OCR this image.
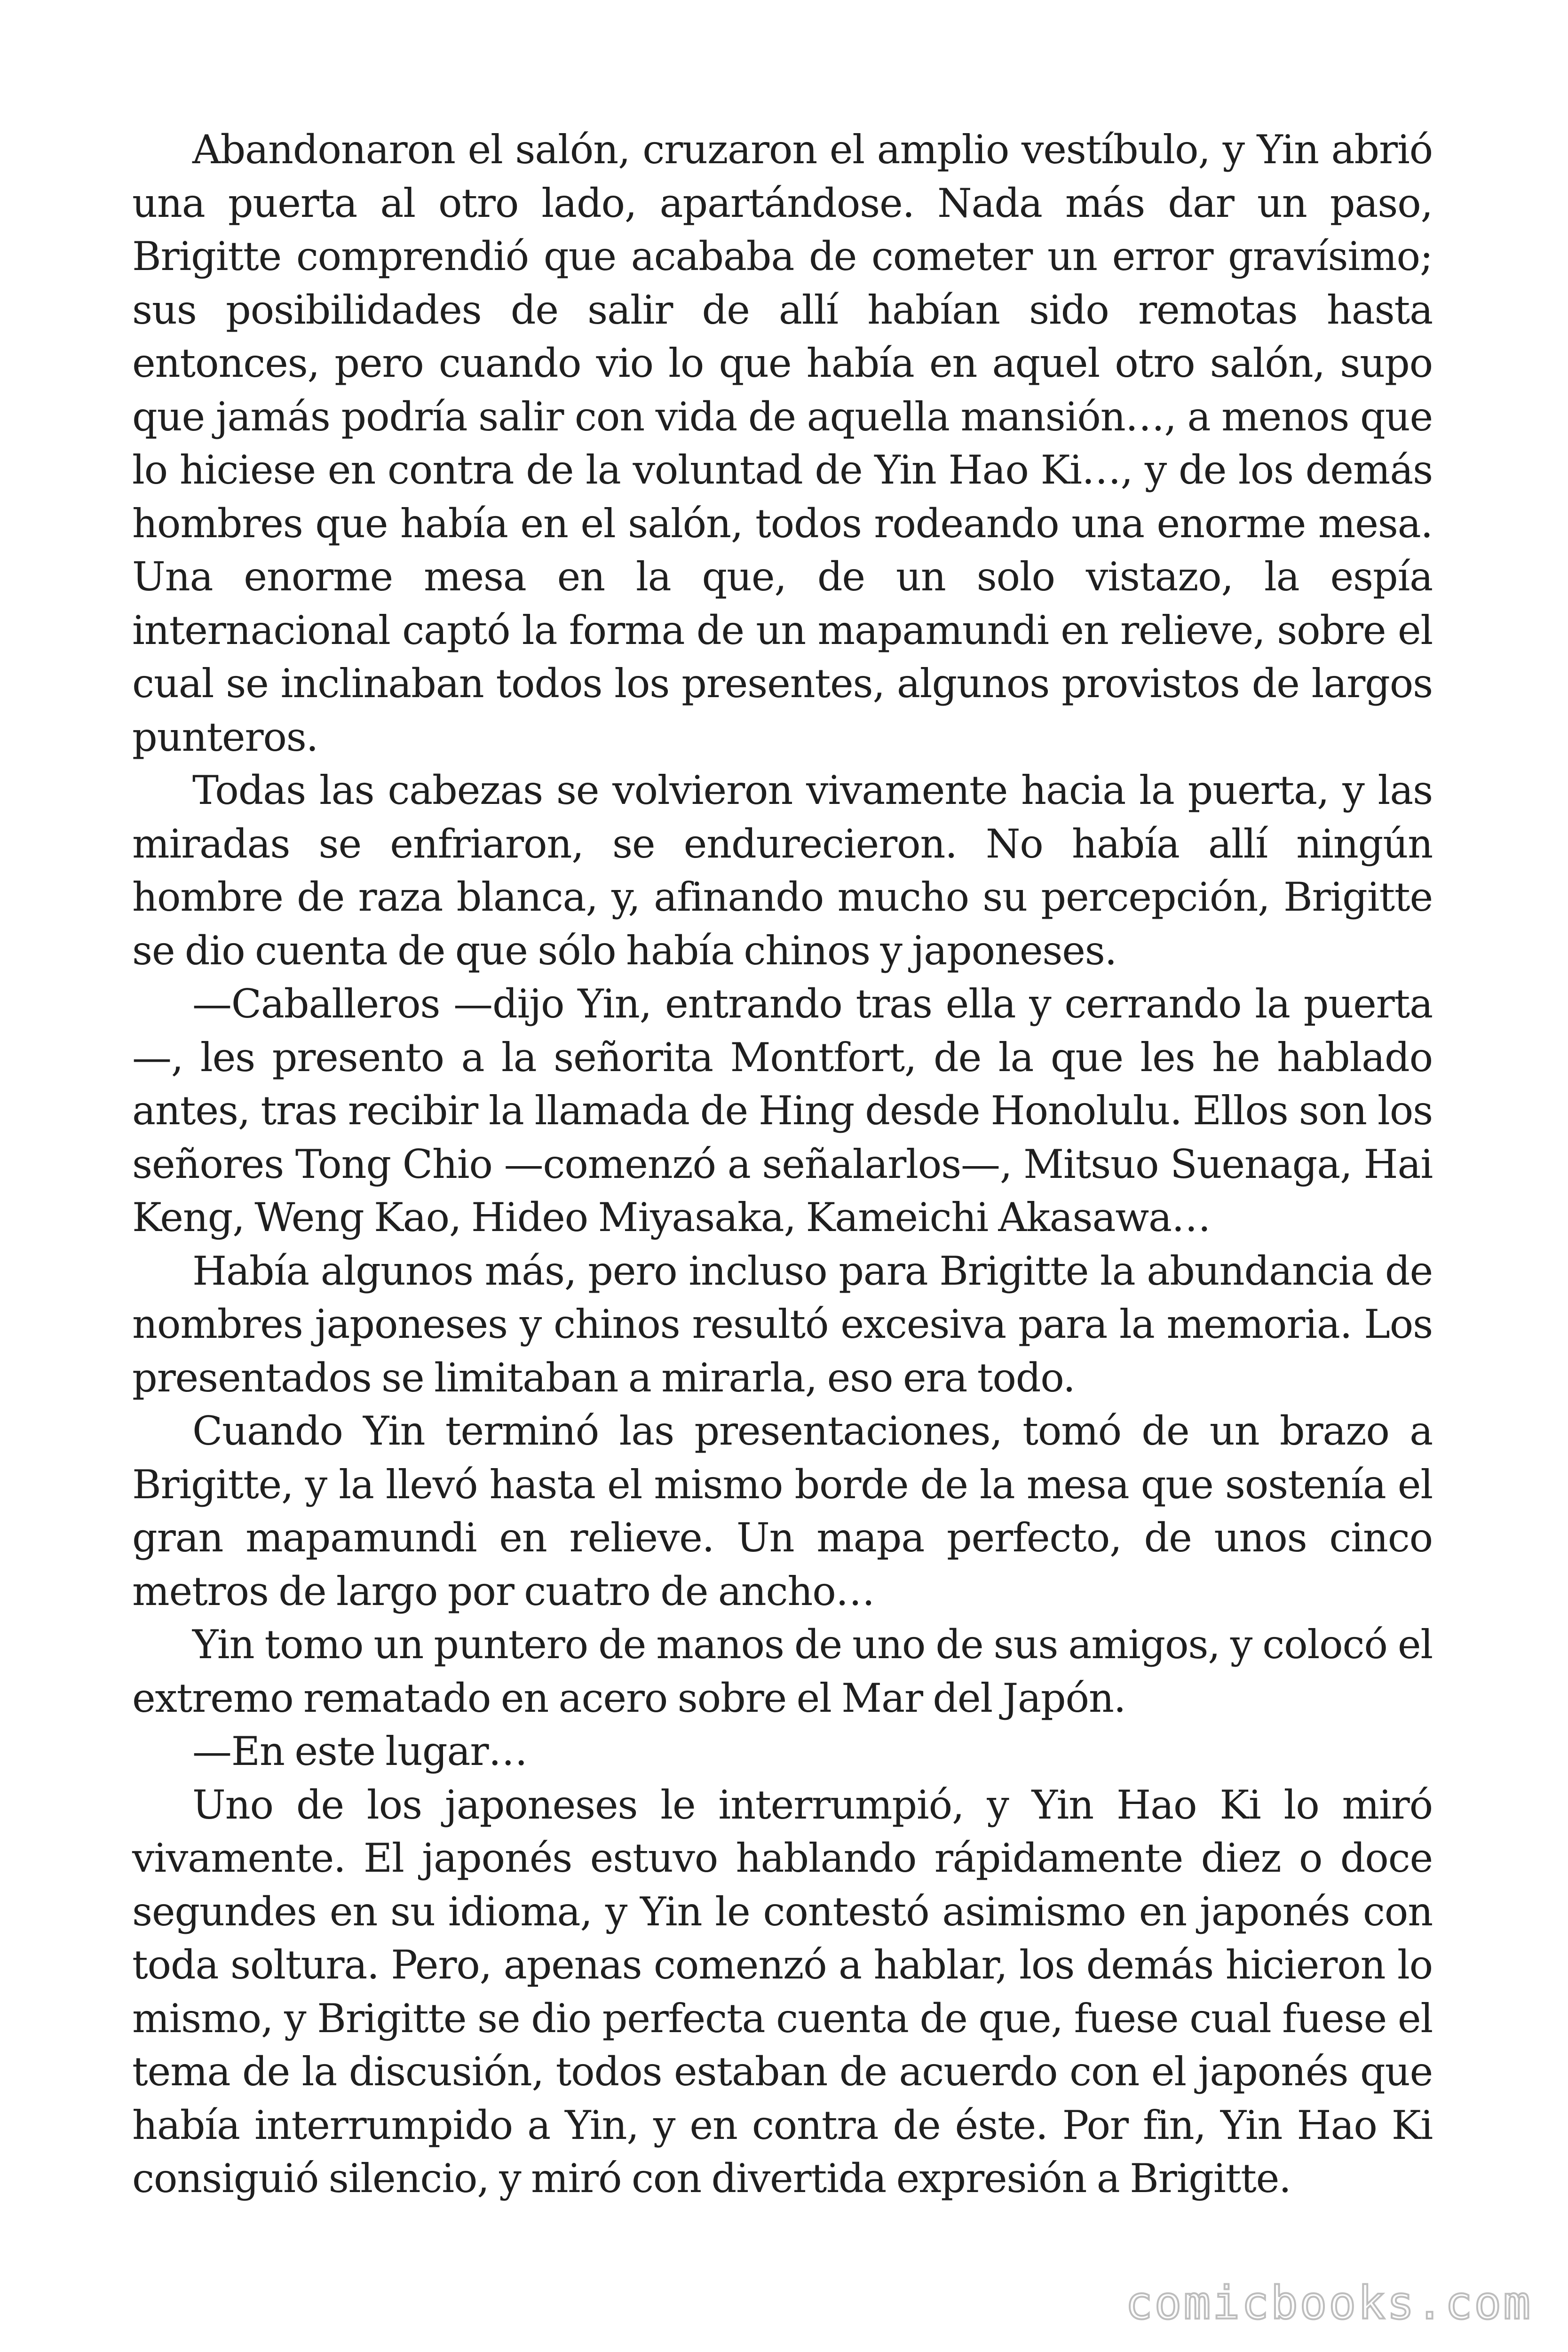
Abandonaron el salón, cruzaron el amplio vestíbulo, y Yin abrió una puerta al otro lado, apartándose. Nada más dar un paso, Brigitte comprendió que acababa de cometer un error gravísimo; sus posibilidades de salir de allí habían sido remotas hasta entonces, pero cuando vio lo que había en aquel otro salón, supo que jamás podría salir con vida de aquella mansión…, a menos que lo hiciese en contra de la voluntad de Yin Hao Ki…, y de los demás hombres que había en el salón, todos rodeando una enorme mesa. Una enorme mesa en la que, de un solo vistazo, la espía internacional captó la forma de un mapamundi en relieve, sobre el cual se inclinaban todos los presentes, algunos provistos de largos punteros.

Todas las cabezas se volvieron vivamente hacia la puerta, y las miradas se enfriaron, se endurecieron. No había allí ningún hombre de raza blanca, y, afinando mucho su percepción, Brigitte se dio cuenta de que sólo había chinos y japoneses.

—Caballeros —dijo Yin, entrando tras ella y cerrando la puerta—, les presento a la señorita Montfort, de la que les he hablado antes, tras recibir la llamada de Hing desde Honolulu. Ellos son los señores Tong Chio —comenzó a señalarlos—, Mitsuo Suenaga, Hai Keng, Weng Kao, Hideo Miyasaka, Kameichi Akasawa…

Había algunos más, pero incluso para Brigitte la abundancia de nombres japoneses y chinos resultó excesiva para la memoria. Los presentados se limitaban a mirarla, eso era todo.

Cuando Yin terminó las presentaciones, tomó de un brazo a Brigitte, y la llevó hasta el mismo borde de la mesa que sostenía el gran mapamundi en relieve. Un mapa perfecto, de unos cinco metros de largo por cuatro de ancho…

Yin tomo un puntero de manos de uno de sus amigos, y colocó el extremo rematado en acero sobre el Mar del Japón.

—En este lugar…

Uno de los japoneses le interrumpió, y Yin Hao Ki lo miró vivamente. El japonés estuvo hablando rápidamente diez o doce segundes en su idioma, y Yin le contestó asimismo en japonés con toda soltura. Pero, apenas comenzó a hablar, los demás hicieron lo mismo, y Brigitte se dio perfecta cuenta de que, fuese cual fuese el tema de la discusión, todos estaban de acuerdo con el japonés que había interrumpido a Yin, y en contra de éste. Por fin, Yin Hao Ki consiguió silencio, y miró con divertida expresión a Brigitte.

comicbooks.com
